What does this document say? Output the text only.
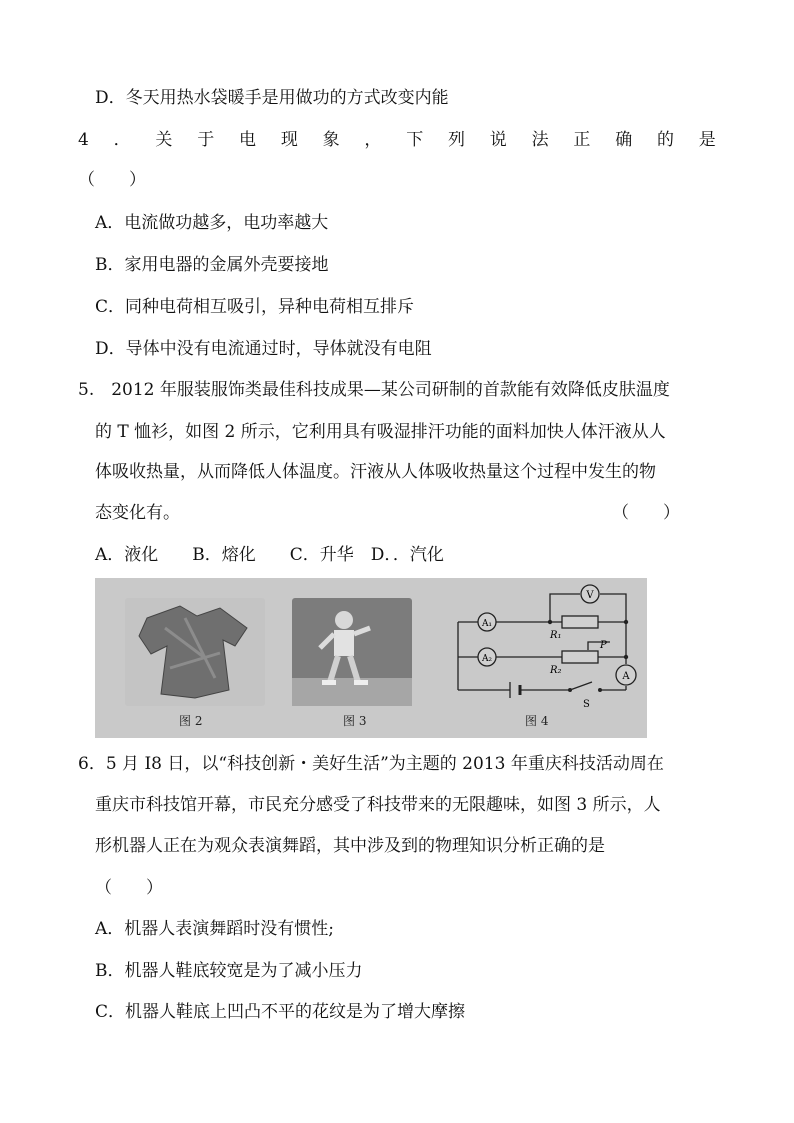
D．冬天用热水袋暖手是用做功的方式改变内能
4 ． 关 于 电 现 象 ， 下 列 说 法 正 确 的 是
（　　）
A．电流做功越多，电功率越大
B．家用电器的金属外壳要接地
C．同种电荷相互吸引，异种电荷相互排斥
D．导体中没有电流通过时，导体就没有电阻
5.　2012 年服装服饰类最佳科技成果—某公司研制的首款能有效降低皮肤温度
的 T 恤衫，如图 2 所示，它利用具有吸湿排汗功能的面料加快人体汗液从人
体吸收热量，从而降低人体温度。汗液从人体吸收热量这个过程中发生的物
态变化有。	（　　）
A．液化　　B．熔化　　C．升华　D．．汽化
图 2	图 3
V
A₁
A₂
A
R₁
R₂
P
S
图 4
6．5 月 I8 日，以“科技创新・美好生活”为主题的 2013 年重庆科技活动周在
重庆市科技馆开幕，市民充分感受了科技带来的无限趣味，如图 3 所示，人
形机器人正在为观众表演舞蹈，其中涉及到的物理知识分析正确的是
（　　）
A．机器人表演舞蹈时没有惯性;
B．机器人鞋底较宽是为了减小压力
C．机器人鞋底上凹凸不平的花纹是为了增大摩擦
